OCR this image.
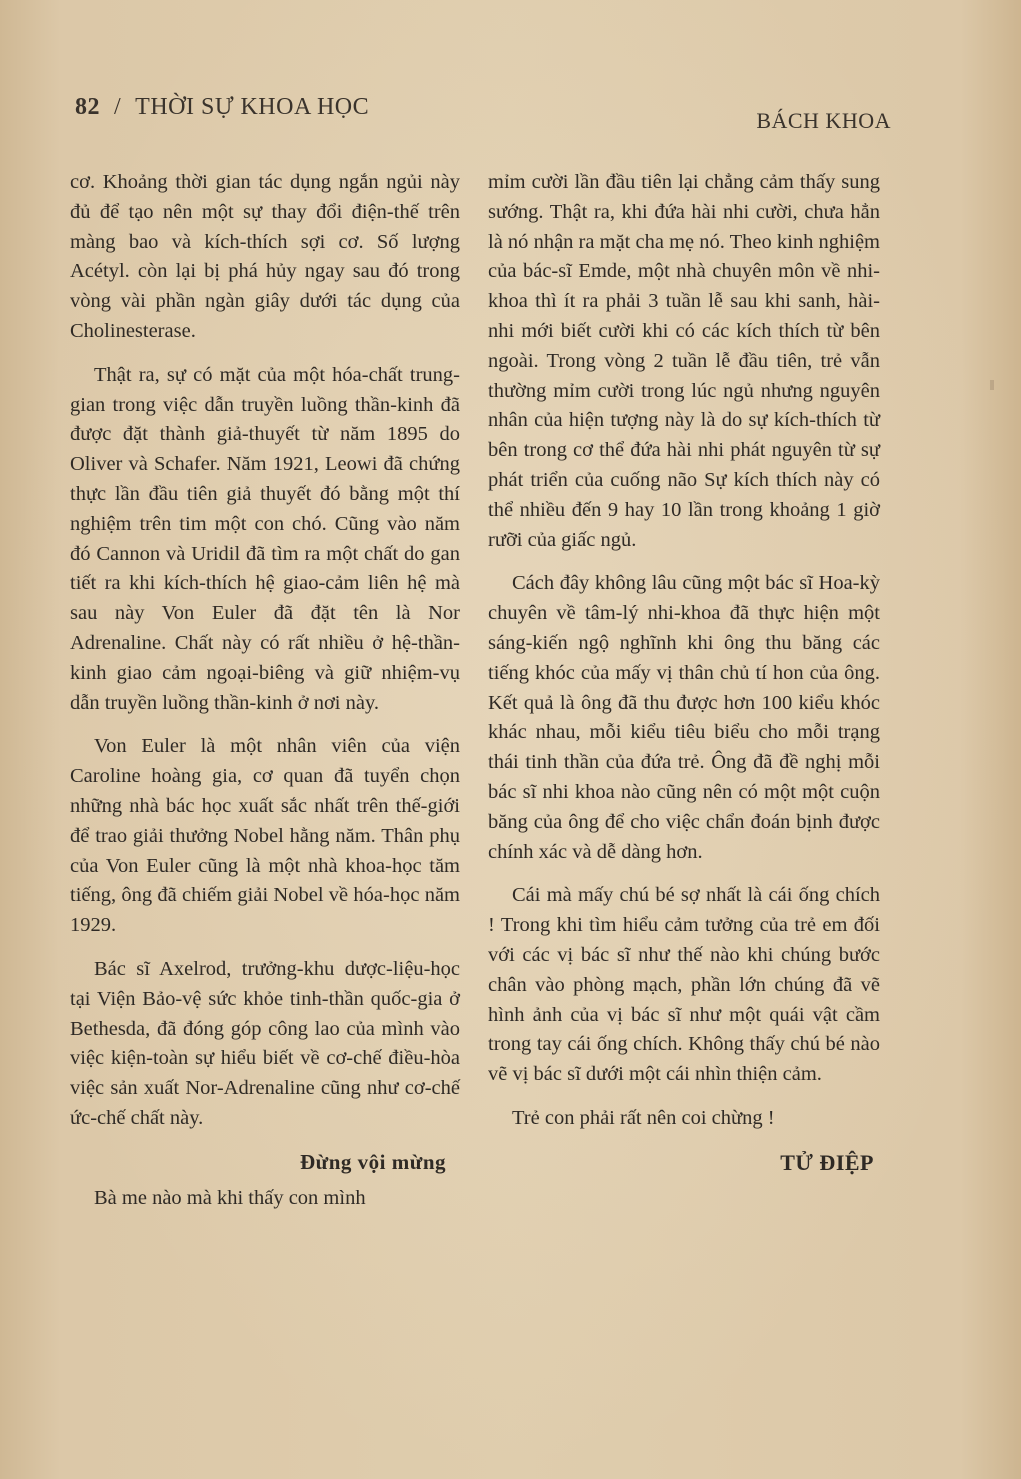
82 / THỜI SỰ KHOA HỌC
BÁCH KHOA

cơ. Khoảng thời gian tác dụng ngắn ngủi này đủ để tạo nên một sự thay đổi điện-thế trên màng bao và kích-thích sợi cơ. Số lượng Acétyl. còn lại bị phá hủy ngay sau đó trong vòng vài phần ngàn giây dưới tác dụng của Cholinesterase.

Thật ra, sự có mặt của một hóa-chất trung-gian trong việc dẫn truyền luồng thần-kinh đã được đặt thành giả-thuyết từ năm 1895 do Oliver và Schafer. Năm 1921, Leowi đã chứng thực lần đầu tiên giả thuyết đó bằng một thí nghiệm trên tim một con chó. Cũng vào năm đó Cannon và Uridil đã tìm ra một chất do gan tiết ra khi kích-thích hệ giao-cảm liên hệ mà sau này Von Euler đã đặt tên là Nor Adrenaline. Chất này có rất nhiều ở hệ-thần-kinh giao cảm ngoại-biêng và giữ nhiệm-vụ dẫn truyền luồng thần-kinh ở nơi này.

Von Euler là một nhân viên của viện Caroline hoàng gia, cơ quan đã tuyển chọn những nhà bác học xuất sắc nhất trên thế-giới để trao giải thưởng Nobel hằng năm. Thân phụ của Von Euler cũng là một nhà khoa-học tăm tiếng, ông đã chiếm giải Nobel về hóa-học năm 1929.

Bác sĩ Axelrod, trưởng-khu dược-liệu-học tại Viện Bảo-vệ sức khỏe tinh-thần quốc-gia ở Bethesda, đã đóng góp công lao của mình vào việc kiện-toàn sự hiểu biết về cơ-chế điều-hòa việc sản xuất Nor-Adrenaline cũng như cơ-chế ức-chế chất này.

Đừng vội mừng

Bà me nào mà khi thấy con mình

mỉm cười lần đầu tiên lại chẳng cảm thấy sung sướng. Thật ra, khi đứa hài nhi cười, chưa hẳn là nó nhận ra mặt cha mẹ nó. Theo kinh nghiệm của bác-sĩ Emde, một nhà chuyên môn về nhi-khoa thì ít ra phải 3 tuần lễ sau khi sanh, hài-nhi mới biết cười khi có các kích thích từ bên ngoài. Trong vòng 2 tuần lễ đầu tiên, trẻ vẫn thường mỉm cười trong lúc ngủ nhưng nguyên nhân của hiện tượng này là do sự kích-thích từ bên trong cơ thể đứa hài nhi phát nguyên từ sự phát triển của cuống não Sự kích thích này có thể nhiều đến 9 hay 10 lần trong khoảng 1 giờ rưỡi của giấc ngủ.

Cách đây không lâu cũng một bác sĩ Hoa-kỳ chuyên về tâm-lý nhi-khoa đã thực hiện một sáng-kiến ngộ nghĩnh khi ông thu băng các tiếng khóc của mấy vị thân chủ tí hon của ông. Kết quả là ông đã thu được hơn 100 kiểu khóc khác nhau, mỗi kiểu tiêu biểu cho mỗi trạng thái tinh thần của đứa trẻ. Ông đã đề nghị mỗi bác sĩ nhi khoa nào cũng nên có một một cuộn băng của ông để cho việc chẩn đoán bịnh được chính xác và dễ dàng hơn.

Cái mà mấy chú bé sợ nhất là cái ống chích ! Trong khi tìm hiểu cảm tưởng của trẻ em đối với các vị bác sĩ như thế nào khi chúng bước chân vào phòng mạch, phần lớn chúng đã vẽ hình ảnh của vị bác sĩ như một quái vật cầm trong tay cái ống chích. Không thấy chú bé nào vẽ vị bác sĩ dưới một cái nhìn thiện cảm.

Trẻ con phải rất nên coi chừng !

TỬ ĐIỆP
